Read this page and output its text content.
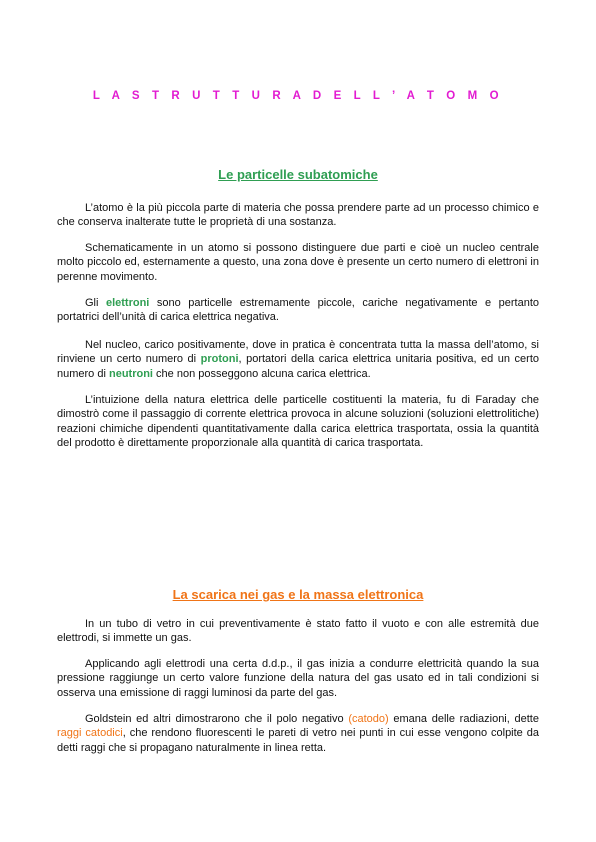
L A S T R U T T U R A D E L L ’ A T O M O
Le particelle subatomiche

L’atomo è la più piccola parte di materia che possa prendere parte ad un processo chimico e che conserva inalterate tutte le proprietà di una sostanza.

Schematicamente in un atomo si possono distinguere due parti e cioè un nucleo centrale molto piccolo ed, esternamente a questo, una zona dove è presente un certo numero di elettroni in perenne movimento.

Gli elettroni sono particelle estremamente piccole, cariche negativamente e pertanto portatrici dell’unità di carica elettrica negativa.

Nel nucleo, carico positivamente, dove in pratica è concentrata tutta la massa dell’atomo, si rinviene un certo numero di protoni, portatori della carica elettrica unitaria positiva, ed un certo numero di neutroni che non posseggono alcuna carica elettrica.

L’intuizione della natura elettrica delle particelle costituenti la materia, fu di Faraday che dimostrò come il passaggio di corrente elettrica provoca in alcune soluzioni (soluzioni elettrolitiche) reazioni chimiche dipendenti quantitativamente dalla carica elettrica trasportata, ossia la quantità del prodotto è direttamente proporzionale alla quantità di carica trasportata.

La scarica nei gas e la massa elettronica

In un tubo di vetro in cui preventivamente è stato fatto il vuoto e con alle estremità due elettrodi, si immette un gas.

Applicando agli elettrodi una certa d.d.p., il gas inizia a condurre elettricità quando la sua pressione raggiunge un certo valore funzione della natura del gas usato ed in tali condizioni si osserva una emissione di raggi luminosi da parte del gas.

Goldstein ed altri dimostrarono che il polo negativo (catodo) emana delle radiazioni, dette raggi catodici, che rendono fluorescenti le pareti di vetro nei punti in cui esse vengono colpite da detti raggi che si propagano naturalmente in linea retta.
